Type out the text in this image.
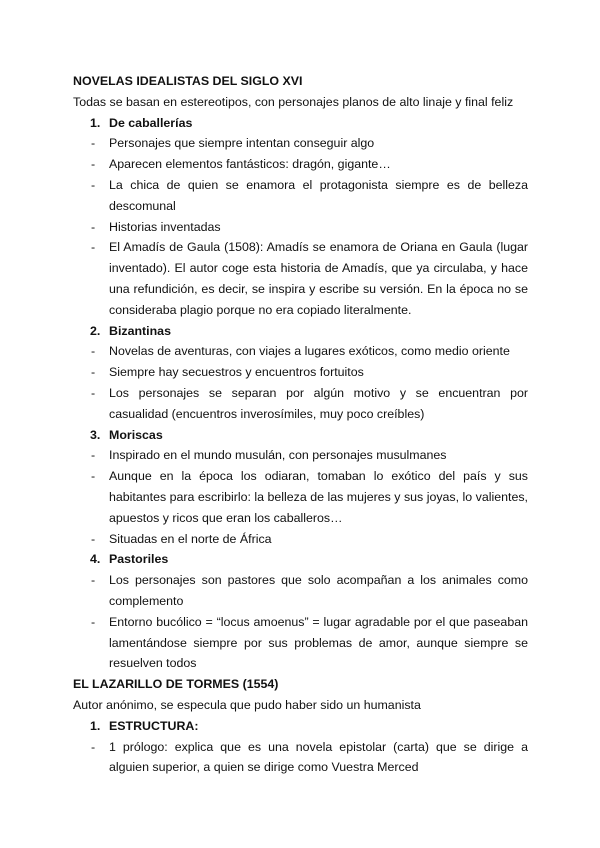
NOVELAS IDEALISTAS DEL SIGLO XVI
Todas se basan en estereotipos, con personajes planos de alto linaje y final feliz
1. De caballerías
- Personajes que siempre intentan conseguir algo
- Aparecen elementos fantásticos: dragón, gigante…
- La chica de quien se enamora el protagonista siempre es de belleza descomunal
- Historias inventadas
- El Amadís de Gaula (1508): Amadís se enamora de Oriana en Gaula (lugar inventado). El autor coge esta historia de Amadís, que ya circulaba, y hace una refundición, es decir, se inspira y escribe su versión. En la época no se consideraba plagio porque no era copiado literalmente.
2. Bizantinas
- Novelas de aventuras, con viajes a lugares exóticos, como medio oriente
- Siempre hay secuestros y encuentros fortuitos
- Los personajes se separan por algún motivo y se encuentran por casualidad (encuentros inverosímiles, muy poco creíbles)
3. Moriscas
- Inspirado en el mundo musulán, con personajes musulmanes
- Aunque en la época los odiaran, tomaban lo exótico del país y sus habitantes para escribirlo: la belleza de las mujeres y sus joyas, lo valientes, apuestos y ricos que eran los caballeros…
- Situadas en el norte de África
4. Pastoriles
- Los personajes son pastores que solo acompañan a los animales como complemento
- Entorno bucólico = “locus amoenus” = lugar agradable por el que paseaban lamentándose siempre por sus problemas de amor, aunque siempre se resuelven todos
EL LAZARILLO DE TORMES (1554)
Autor anónimo, se especula que pudo haber sido un humanista
1. ESTRUCTURA:
- 1 prólogo: explica que es una novela epistolar (carta) que se dirige a alguien superior, a quien se dirige como Vuestra Merced
